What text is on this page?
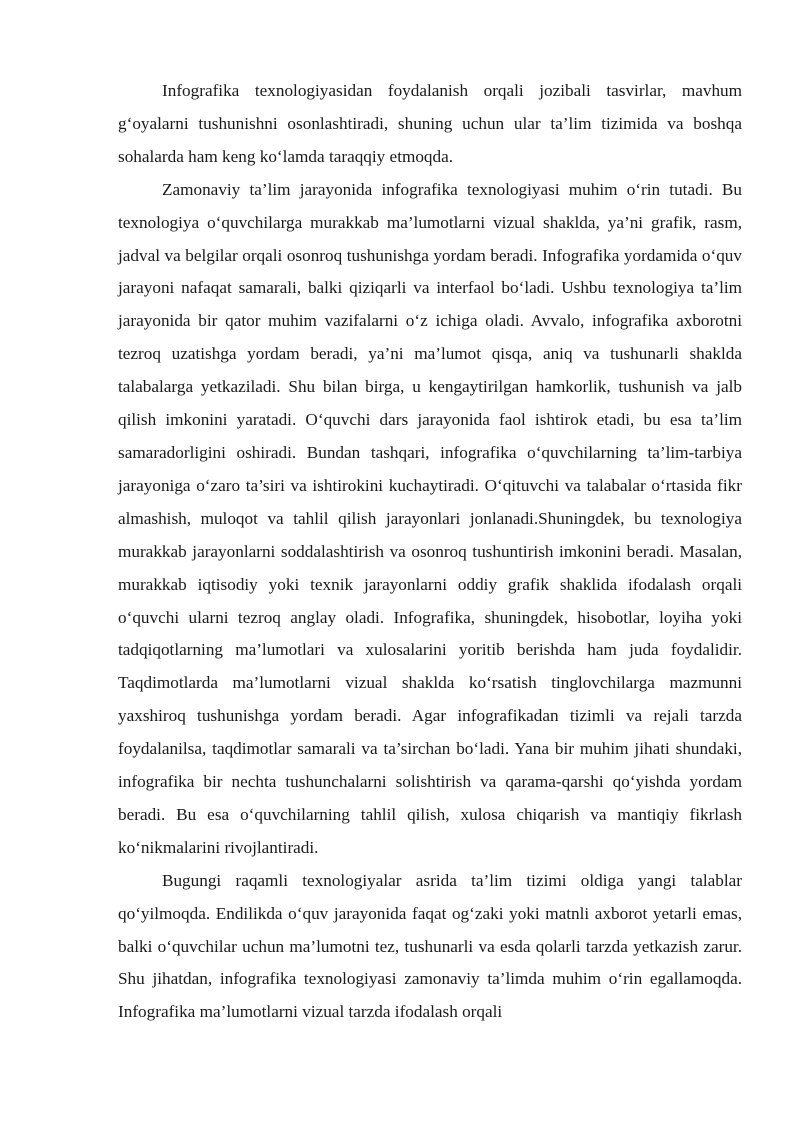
Infografika texnologiyasidan foydalanish orqali jozibali tasvirlar, mavhum g‘oyalarni tushunishni osonlashtiradi, shuning uchun ular ta’lim tizimida va boshqa sohalarda ham keng ko‘lamda taraqqiy etmoqda.

Zamonaviy ta’lim jarayonida infografika texnologiyasi muhim o‘rin tutadi. Bu texnologiya o‘quvchilarga murakkab ma’lumotlarni vizual shaklda, ya’ni grafik, rasm, jadval va belgilar orqali osonroq tushunishga yordam beradi. Infografika yordamida o‘quv jarayoni nafaqat samarali, balki qiziqarli va interfaol bo‘ladi. Ushbu texnologiya ta’lim jarayonida bir qator muhim vazifalarni o‘z ichiga oladi. Avvalo, infografika axborotni tezroq uzatishga yordam beradi, ya’ni ma’lumot qisqa, aniq va tushunarli shaklda talabalarga yetkaziladi. Shu bilan birga, u kengaytirilgan hamkorlik, tushunish va jalb qilish imkonini yaratadi. O‘quvchi dars jarayonida faol ishtirok etadi, bu esa ta’lim samaradorligini oshiradi. Bundan tashqari, infografika o‘quvchilarning ta’lim-tarbiya jarayoniga o‘zaro ta’siri va ishtirokini kuchaytiradi. O‘qituvchi va talabalar o‘rtasida fikr almashish, muloqot va tahlil qilish jarayonlari jonlanadi.Shuningdek, bu texnologiya murakkab jarayonlarni soddalashtirish va osonroq tushuntirish imkonini beradi. Masalan, murakkab iqtisodiy yoki texnik jarayonlarni oddiy grafik shaklida ifodalash orqali o‘quvchi ularni tezroq anglay oladi. Infografika, shuningdek, hisobotlar, loyiha yoki tadqiqotlarning ma’lumotlari va xulosalarini yoritib berishda ham juda foydalidir. Taqdimotlarda ma’lumotlarni vizual shaklda ko‘rsatish tinglovchilarga mazmunni yaxshiroq tushunishga yordam beradi. Agar infografikadan tizimli va rejali tarzda foydalanilsa, taqdimotlar samarali va ta’sirchan bo‘ladi. Yana bir muhim jihati shundaki, infografika bir nechta tushunchalarni solishtirish va qarama-qarshi qo‘yishda yordam beradi. Bu esa o‘quvchilarning tahlil qilish, xulosa chiqarish va mantiqiy fikrlash ko‘nikmalarini rivojlantiradi.

Bugungi raqamli texnologiyalar asrida ta’lim tizimi oldiga yangi talablar qo‘yilmoqda. Endilikda o‘quv jarayonida faqat og‘zaki yoki matnli axborot yetarli emas, balki o‘quvchilar uchun ma’lumotni tez, tushunarli va esda qolarli tarzda yetkazish zarur. Shu jihatdan, infografika texnologiyasi zamonaviy ta’limda muhim o‘rin egallamoqda. Infografika ma’lumotlarni vizual tarzda ifodalash orqali
